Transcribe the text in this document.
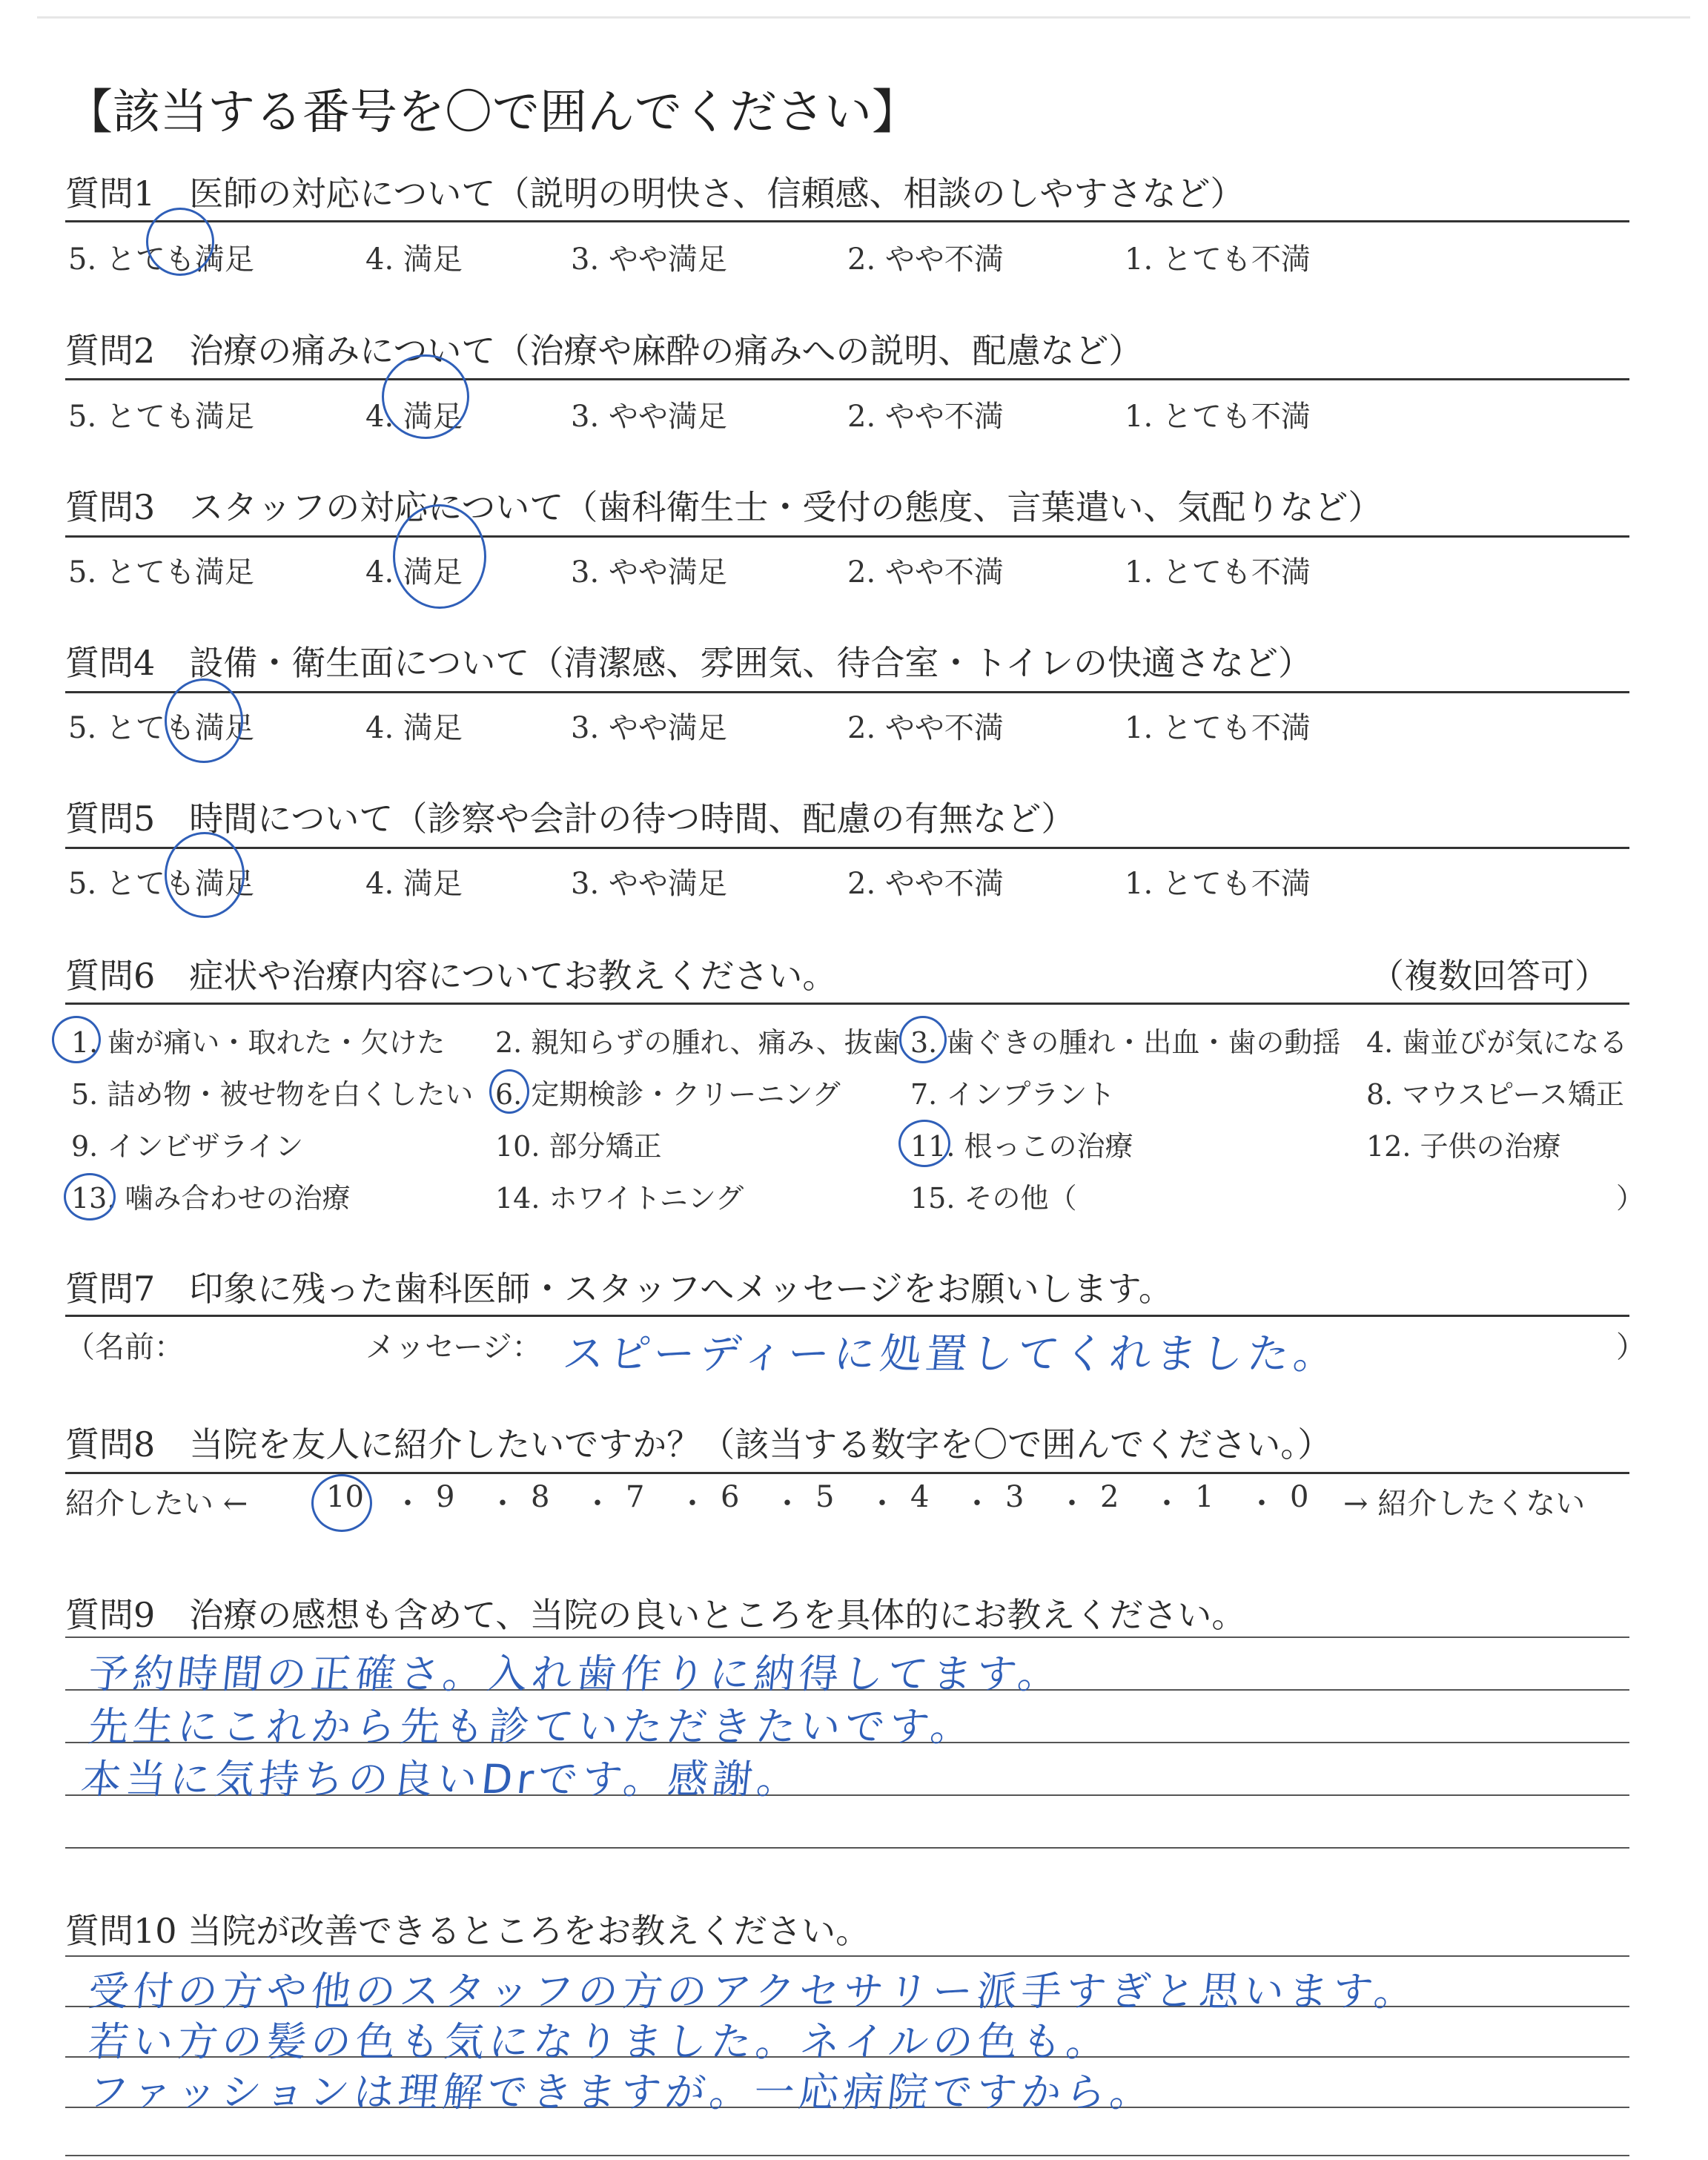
【該当する番号を〇で囲んでください】
質問1　医師の対応について（説明の明快さ、信頼感、相談のしやすさなど）
5. とても満足	4. 満足	3. やや満足	2. やや不満	1. とても不満
質問2　治療の痛みについて（治療や麻酔の痛みへの説明、配慮など）
5. とても満足	4. 満足	3. やや満足	2. やや不満	1. とても不満
質問3　スタッフの対応について（歯科衛生士・受付の態度、言葉遣い、気配りなど）
5. とても満足	4. 満足	3. やや満足	2. やや不満	1. とても不満
質問4　設備・衛生面について（清潔感、雰囲気、待合室・トイレの快適さなど）
5. とても満足	4. 満足	3. やや満足	2. やや不満	1. とても不満
質問5　時間について（診察や会計の待つ時間、配慮の有無など）
5. とても満足	4. 満足	3. やや満足	2. やや不満	1. とても不満
質問6　症状や治療内容についてお教えください。	（複数回答可）
1. 歯が痛い・取れた・欠けた 2. 親知らずの腫れ、痛み、抜歯 3. 歯ぐきの腫れ・出血・歯の動揺 4. 歯並びが気になる
5. 詰め物・被せ物を白くしたい 6. 定期検診・クリーニング 7. インプラント	8. マウスピース矯正
9. インビザライン	10. 部分矯正	11. 根っこの治療	12. 子供の治療
13. 噛み合わせの治療	14. ホワイトニング	15. その他（	）
質問7　印象に残った歯科医師・スタッフへメッセージをお願いします。
（名前：	メッセージ： スピーディーに処置してくれました。	）
質問8　当院を友人に紹介したいですか？（該当する数字を〇で囲んでください。）
紹介したい ←	10 ・ 9 ・ 8 ・ 7 ・ 6 ・ 5 ・ 4 ・ 3 ・ 2 ・ 1 ・ 0 → 紹介したくない
質問9　治療の感想も含めて、当院の良いところを具体的にお教えください。
予約時間の正確さ。入れ歯作りに納得してます。
先生にこれから先も診ていただきたいです。
本当に気持ちの良いDrです。感謝。
質問10 当院が改善できるところをお教えください。
受付の方や他のスタッフの方のアクセサリー派手すぎと思います。
若い方の髪の色も気になりました。ネイルの色も。
ファッションは理解できますが。一応病院ですから。
